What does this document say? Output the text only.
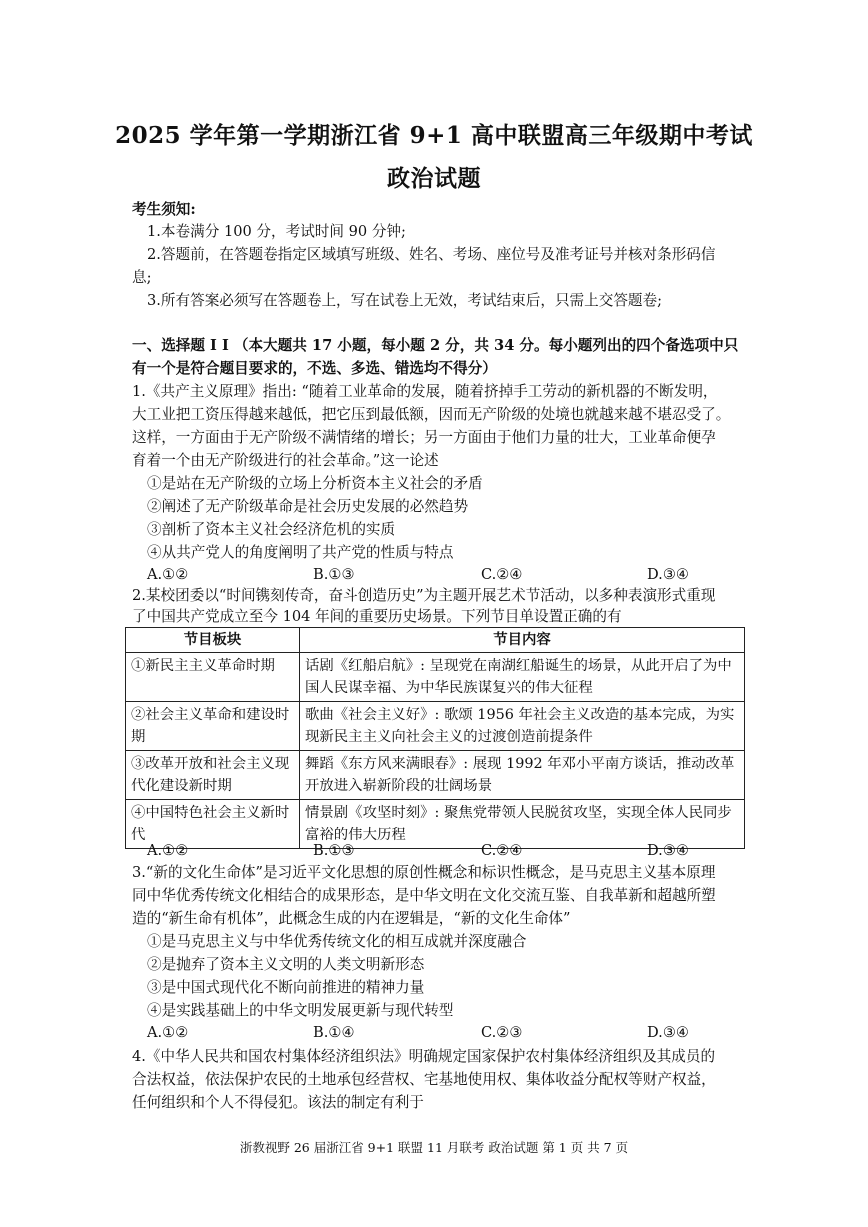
2025 学年第一学期浙江省 9+1 高中联盟高三年级期中考试
政治试题
考生须知:
1.本卷满分 100 分，考试时间 90 分钟;
2.答题前，在答题卷指定区域填写班级、姓名、考场、座位号及准考证号并核对条形码信
息;
3.所有答案必须写在答题卷上，写在试卷上无效，考试结束后，只需上交答题卷;
一、选择题 I I （本大题共 17 小题，每小题 2 分，共 34 分。每小题列出的四个备选项中只
有一个是符合题目要求的，不选、多选、错选均不得分）
1.《共产主义原理》指出: “随着工业革命的发展，随着挤掉手工劳动的新机器的不断发明，
大工业把工资压得越来越低，把它压到最低额，因而无产阶级的处境也就越来越不堪忍受了。
这样，一方面由于无产阶级不满情绪的增长；另一方面由于他们力量的壮大，工业革命便孕
育着一个由无产阶级进行的社会革命。”这一论述
①是站在无产阶级的立场上分析资本主义社会的矛盾
②阐述了无产阶级革命是社会历史发展的必然趋势
③剖析了资本主义社会经济危机的实质
④从共产党人的角度阐明了共产党的性质与特点
A.①②	B.①③	C.②④	D.③④
2.某校团委以“时间镌刻传奇，奋斗创造历史”为主题开展艺术节活动，以多种表演形式重现
了中国共产党成立至今 104 年间的重要历史场景。下列节目单设置正确的有
节目板块	节目内容
①新民主主义革命时期	话剧《红船启航》: 呈现党在南湖红船诞生的场景，从此开启了为中国人民谋幸福、为中华民族谋复兴的伟大征程
②社会主义革命和建设时期	歌曲《社会主义好》: 歌颂 1956 年社会主义改造的基本完成，为实现新民主主义向社会主义的过渡创造前提条件
③改革开放和社会主义现代化建设新时期	舞蹈《东方风来满眼春》: 展现 1992 年邓小平南方谈话，推动改革开放进入崭新阶段的壮阔场景
④中国特色社会主义新时代	情景剧《攻坚时刻》: 聚焦党带领人民脱贫攻坚，实现全体人民同步富裕的伟大历程
A.①②	B.①③	C.②④	D.③④
3.“新的文化生命体”是习近平文化思想的原创性概念和标识性概念，是马克思主义基本原理
同中华优秀传统文化相结合的成果形态，是中华文明在文化交流互鉴、自我革新和超越所塑
造的“新生命有机体”，此概念生成的内在逻辑是，“新的文化生命体”
①是马克思主义与中华优秀传统文化的相互成就并深度融合
②是抛弃了资本主义文明的人类文明新形态
③是中国式现代化不断向前推进的精神力量
④是实践基础上的中华文明发展更新与现代转型
A.①②	B.①④	C.②③	D.③④
4.《中华人民共和国农村集体经济组织法》明确规定国家保护农村集体经济组织及其成员的
合法权益，依法保护农民的土地承包经营权、宅基地使用权、集体收益分配权等财产权益，
任何组织和个人不得侵犯。该法的制定有利于
浙教视野 26 届浙江省 9+1 联盟 11 月联考 政治试题 第 1 页 共 7 页
